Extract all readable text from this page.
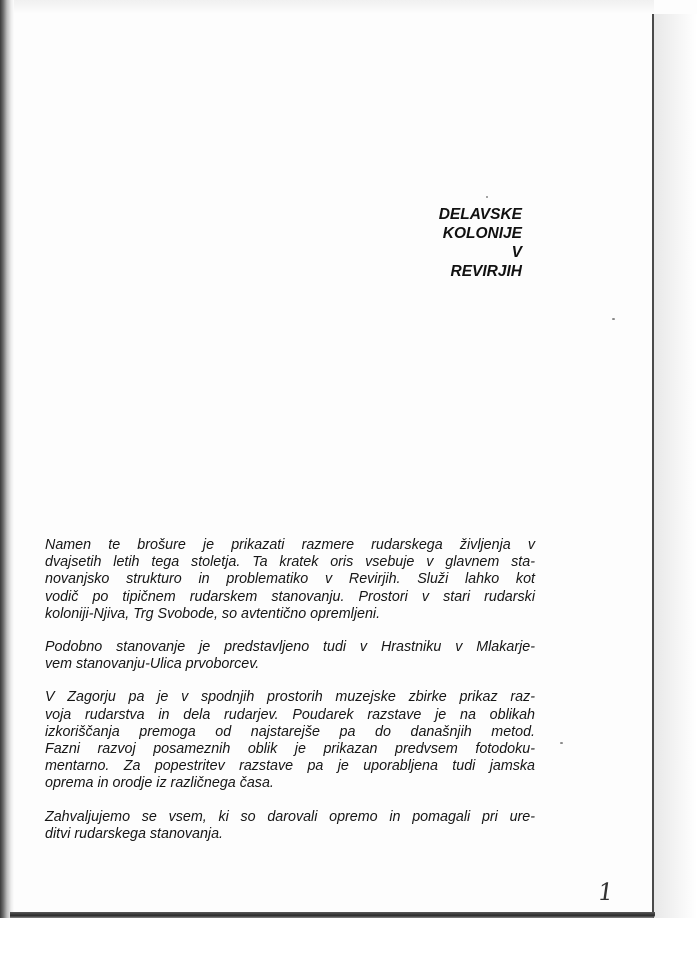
DELAVSKE
KOLONIJE
V
REVIRJIH

Namen te brošure je prikazati razmere rudarskega življenja v
dvajsetih letih tega stoletja. Ta kratek oris vsebuje v glavnem sta-
novanjsko strukturo in problematiko v Revirjih. Služi lahko kot
vodič po tipičnem rudarskem stanovanju. Prostori v stari rudarski
koloniji-Njiva, Trg Svobode, so avtentično opremljeni.

Podobno stanovanje je predstavljeno tudi v Hrastniku v Mlakarje-
vem stanovanju-Ulica prvoborcev.

V Zagorju pa je v spodnjih prostorih muzejske zbirke prikaz raz-
voja rudarstva in dela rudarjev. Poudarek razstave je na oblikah
izkoriščanja premoga od najstarejše pa do današnjih metod.
Fazni razvoj posameznih oblik je prikazan predvsem fotodoku-
mentarno. Za popestritev razstave pa je uporabljena tudi jamska
oprema in orodje iz različnega časa.

Zahvaljujemo se vsem, ki so darovali opremo in pomagali pri ure-
ditvi rudarskega stanovanja.

1
